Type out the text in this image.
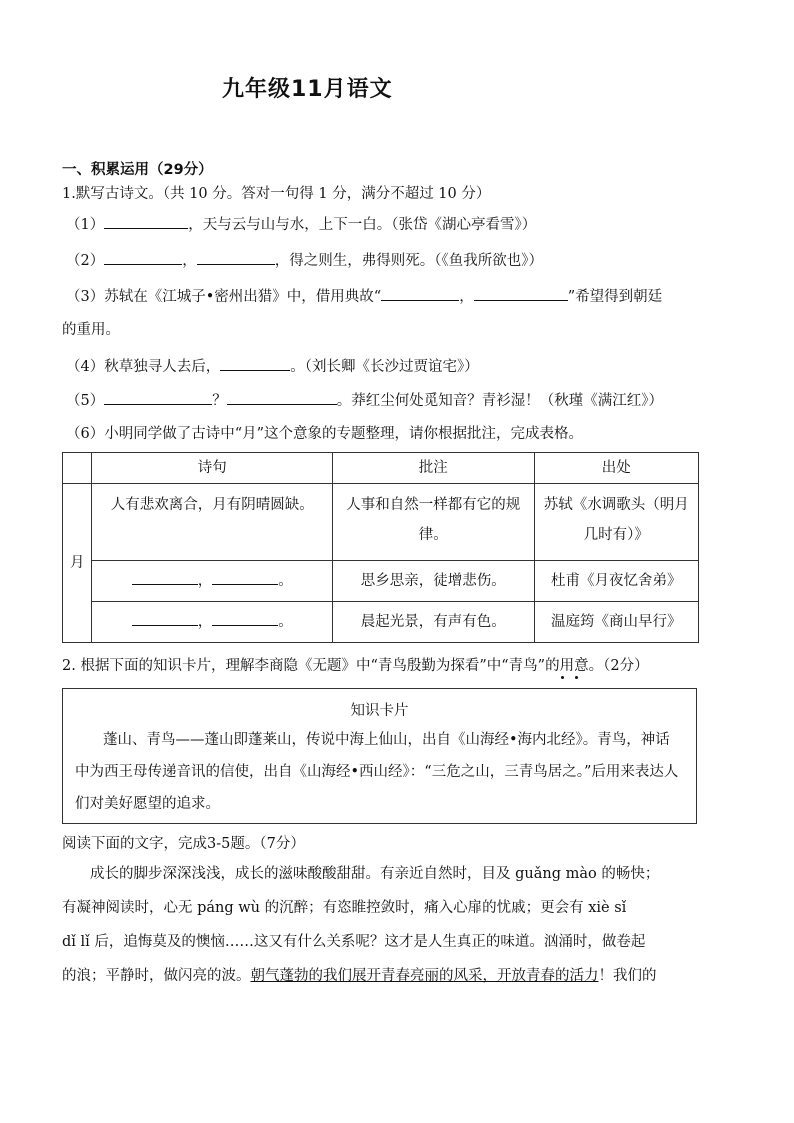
九年级11月语文
一、积累运用（29分）
1.默写古诗文。（共 10 分。答对一句得 1 分，满分不超过 10 分）
（1）	，天与云与山与水，上下一白。（张岱《湖心亭看雪》）
（2）	，	，得之则生，弗得则死。（《鱼我所欲也》）
（3）苏轼在《江城子•密州出猎》中，借用典故“	，	”希望得到朝廷
的重用。
（4）秋草独寻人去后，	。（刘长卿《长沙过贾谊宅》）
（5）	？	。莽红尘何处觅知音？青衫湿！（秋瑾《满江红》）
（6）小明同学做了古诗中“月”这个意象的专题整理，请你根据批注，完成表格。
	诗句	批注	出处
月	人有悲欢离合，月有阴晴圆缺。	人事和自然一样都有它的规律。	苏轼《水调歌头（明月几时有）》
	， 。	思乡思亲，徒增悲伤。	杜甫《月夜忆舍弟》
	， 。	晨起光景，有声有色。	温庭筠《商山早行》
2. 根据下面的知识卡片，理解李商隐《无题》中“青鸟殷勤为探看”中“青鸟”的用意。（2分）
知识卡片
蓬山、青鸟——蓬山即蓬莱山，传说中海上仙山，出自《山海经•海内北经》。青鸟，神话中为西王母传递音讯的信使，出自《山海经•西山经》：“三危之山，三青鸟居之。”后用来表达人们对美好愿望的追求。
阅读下面的文字，完成3-5题。（7分）
成长的脚步深深浅浅，成长的滋味酸酸甜甜。有亲近自然时，目及 guǎng mào 的畅快；
有凝神阅读时，心无 páng wù 的沉醉；有恣睢控敛时，痛入心扉的忧戚；更会有 xiè sǐ
dǐ lǐ 后，追悔莫及的懊恼……这又有什么关系呢？这才是人生真正的味道。汹涌时，做卷起
的浪；平静时，做闪亮的波。朝气蓬勃的我们展开青春亮丽的风采，开放青春的活力！我们的
